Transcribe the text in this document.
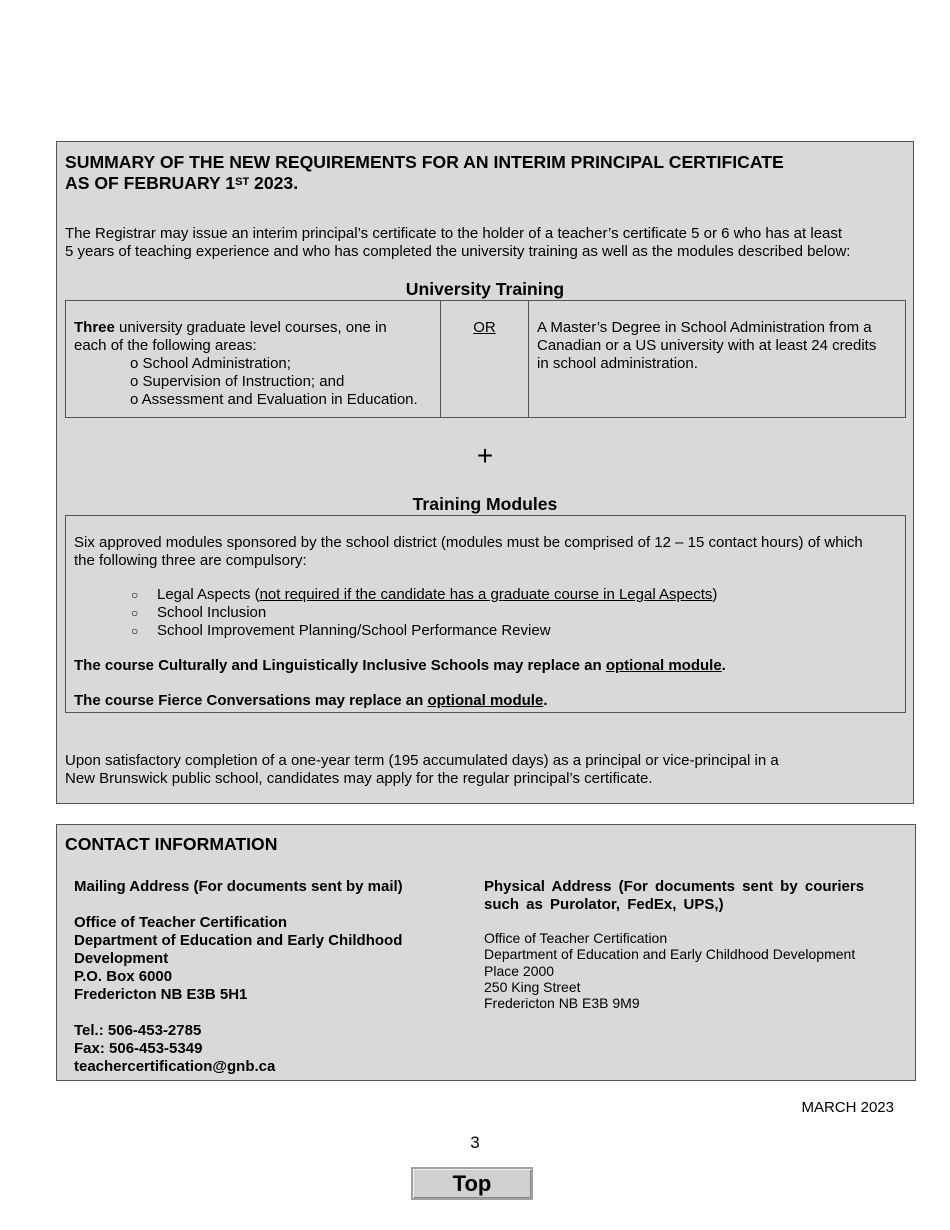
SUMMARY OF THE NEW REQUIREMENTS FOR AN INTERIM PRINCIPAL CERTIFICATE
AS OF FEBRUARY 1ST 2023.
The Registrar may issue an interim principal’s certificate to the holder of a teacher’s certificate 5 or 6 who has at least
5 years of teaching experience and who has completed the university training as well as the modules described below:
University Training
Three university graduate level courses, one in
each of the following areas:
o School Administration;
o Supervision of Instruction; and
o Assessment and Evaluation in Education.
OR	A Master’s Degree in School Administration from a
Canadian or a US university with at least 24 credits
in school administration.
+
Training Modules
Six approved modules sponsored by the school district (modules must be comprised of 12 – 15 contact hours) of which
the following three are compulsory:
○ Legal Aspects (not required if the candidate has a graduate course in Legal Aspects)
○ School Inclusion
○ School Improvement Planning/School Performance Review
The course Culturally and Linguistically Inclusive Schools may replace an optional module.
The course Fierce Conversations may replace an optional module.
Upon satisfactory completion of a one-year term (195 accumulated days) as a principal or vice-principal in a
New Brunswick public school, candidates may apply for the regular principal’s certificate.
CONTACT INFORMATION
Mailing Address (For documents sent by mail)
Office of Teacher Certification
Department of Education and Early Childhood
Development
P.O. Box 6000
Fredericton NB E3B 5H1
Tel.: 506-453-2785
Fax: 506-453-5349
teachercertification@gnb.ca
Physical Address (For documents sent by couriers
such as Purolator, FedEx, UPS,)
Office of Teacher Certification
Department of Education and Early Childhood Development
Place 2000
250 King Street
Fredericton NB E3B 9M9
MARCH 2023
3
Top
